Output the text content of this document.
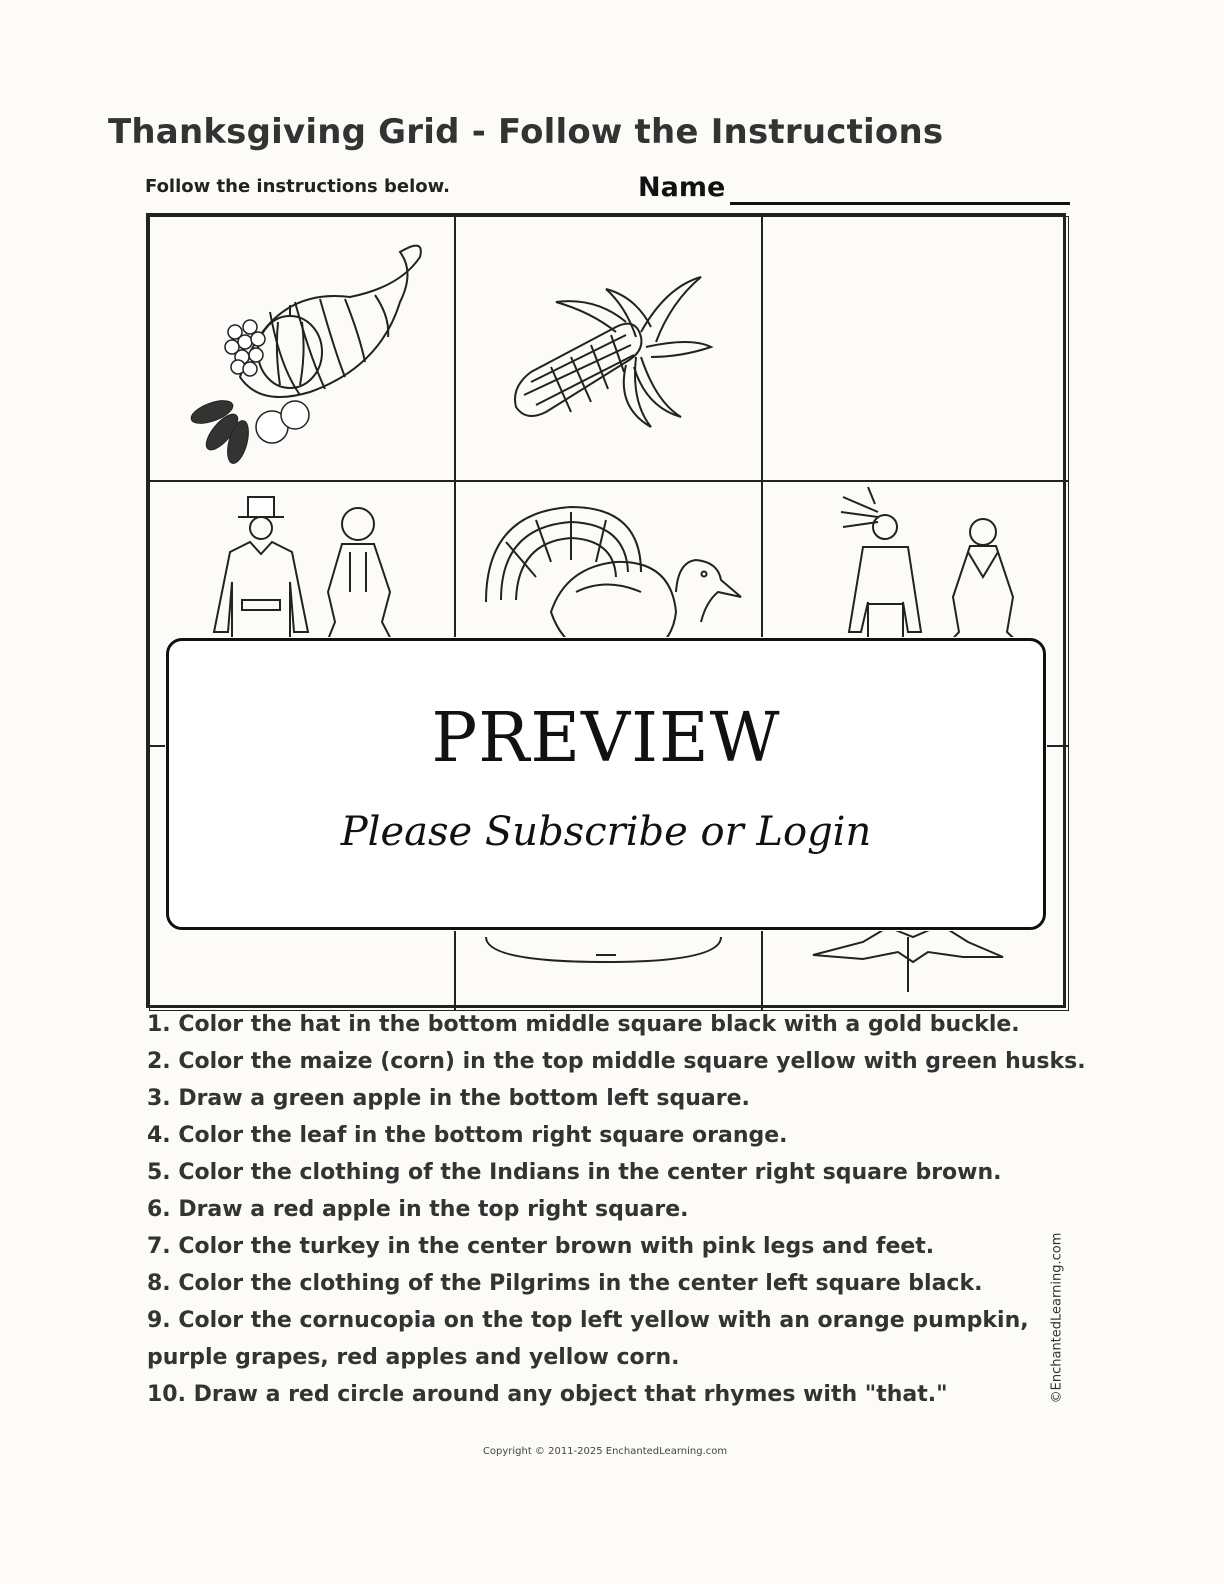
Thanksgiving Grid - Follow the Instructions
Follow the instructions below.	Name
PREVIEW
Please Subscribe or Login
1. Color the hat in the bottom middle square black with a gold buckle.
2. Color the maize (corn) in the top middle square yellow with green husks.
3. Draw a green apple in the bottom left square.
4. Color the leaf in the bottom right square orange.
5. Color the clothing of the Indians in the center right square brown.
6. Draw a red apple in the top right square.
7. Color the turkey in the center brown with pink legs and feet.
8. Color the clothing of the Pilgrims in the center left square black.
9. Color the cornucopia on the top left yellow with an orange pumpkin,
purple grapes, red apples and yellow corn.
10. Draw a red circle around any object that rhymes with "that."	©EnchantedLearning.com
Copyright © 2011-2025 EnchantedLearning.com
